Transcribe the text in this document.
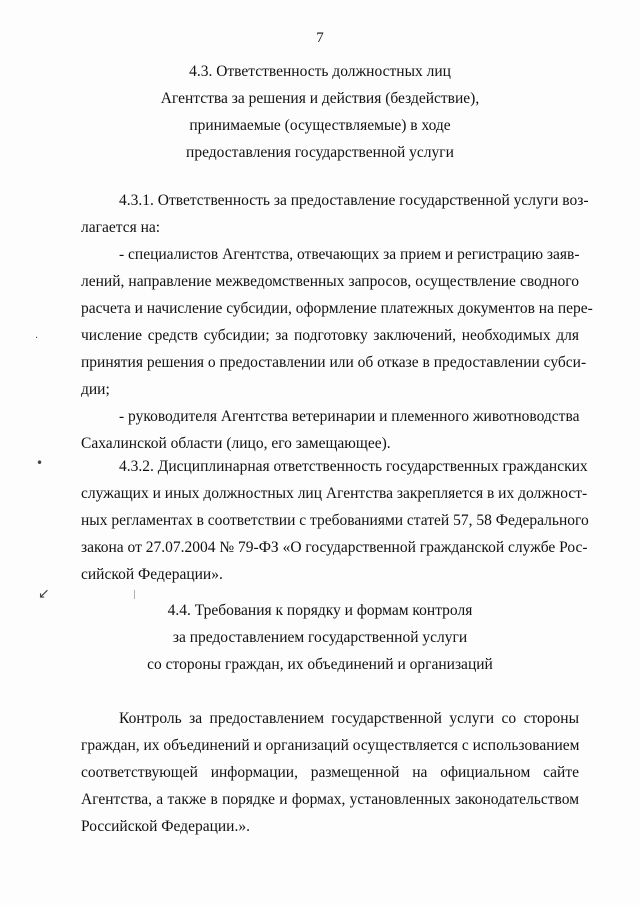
7
4.3. Ответственность должностных лиц
Агентства за решения и действия (бездействие),
принимаемые (осуществляемые) в ходе
предоставления государственной услуги
4.3.1. Ответственность за предоставление государственной услуги воз-
лагается на:
- специалистов Агентства, отвечающих за прием и регистрацию заяв-
лений, направление межведомственных запросов, осуществление сводного
расчета и начисление субсидии, оформление платежных документов на пере-
числение средств субсидии; за подготовку заключений, необходимых для
принятия решения о предоставлении или об отказе в предоставлении субси-
дии;
- руководителя Агентства ветеринарии и племенного животноводства
Сахалинской области (лицо, его замещающее).
4.3.2. Дисциплинарная ответственность государственных гражданских
служащих и иных должностных лиц Агентства закрепляется в их должност-
ных регламентах в соответствии с требованиями статей 57, 58 Федерального
закона от 27.07.2004 № 79-ФЗ «О государственной гражданской службе Рос-
сийской Федерации».
4.4. Требования к порядку и формам контроля
за предоставлением государственной услуги
со стороны граждан, их объединений и организаций
Контроль за предоставлением государственной услуги со стороны
граждан, их объединений и организаций осуществляется с использованием
соответствующей информации, размещенной на официальном сайте
Агентства, а также в порядке и формах, установленных законодательством
Российской Федерации.».
·
•
↙	|
